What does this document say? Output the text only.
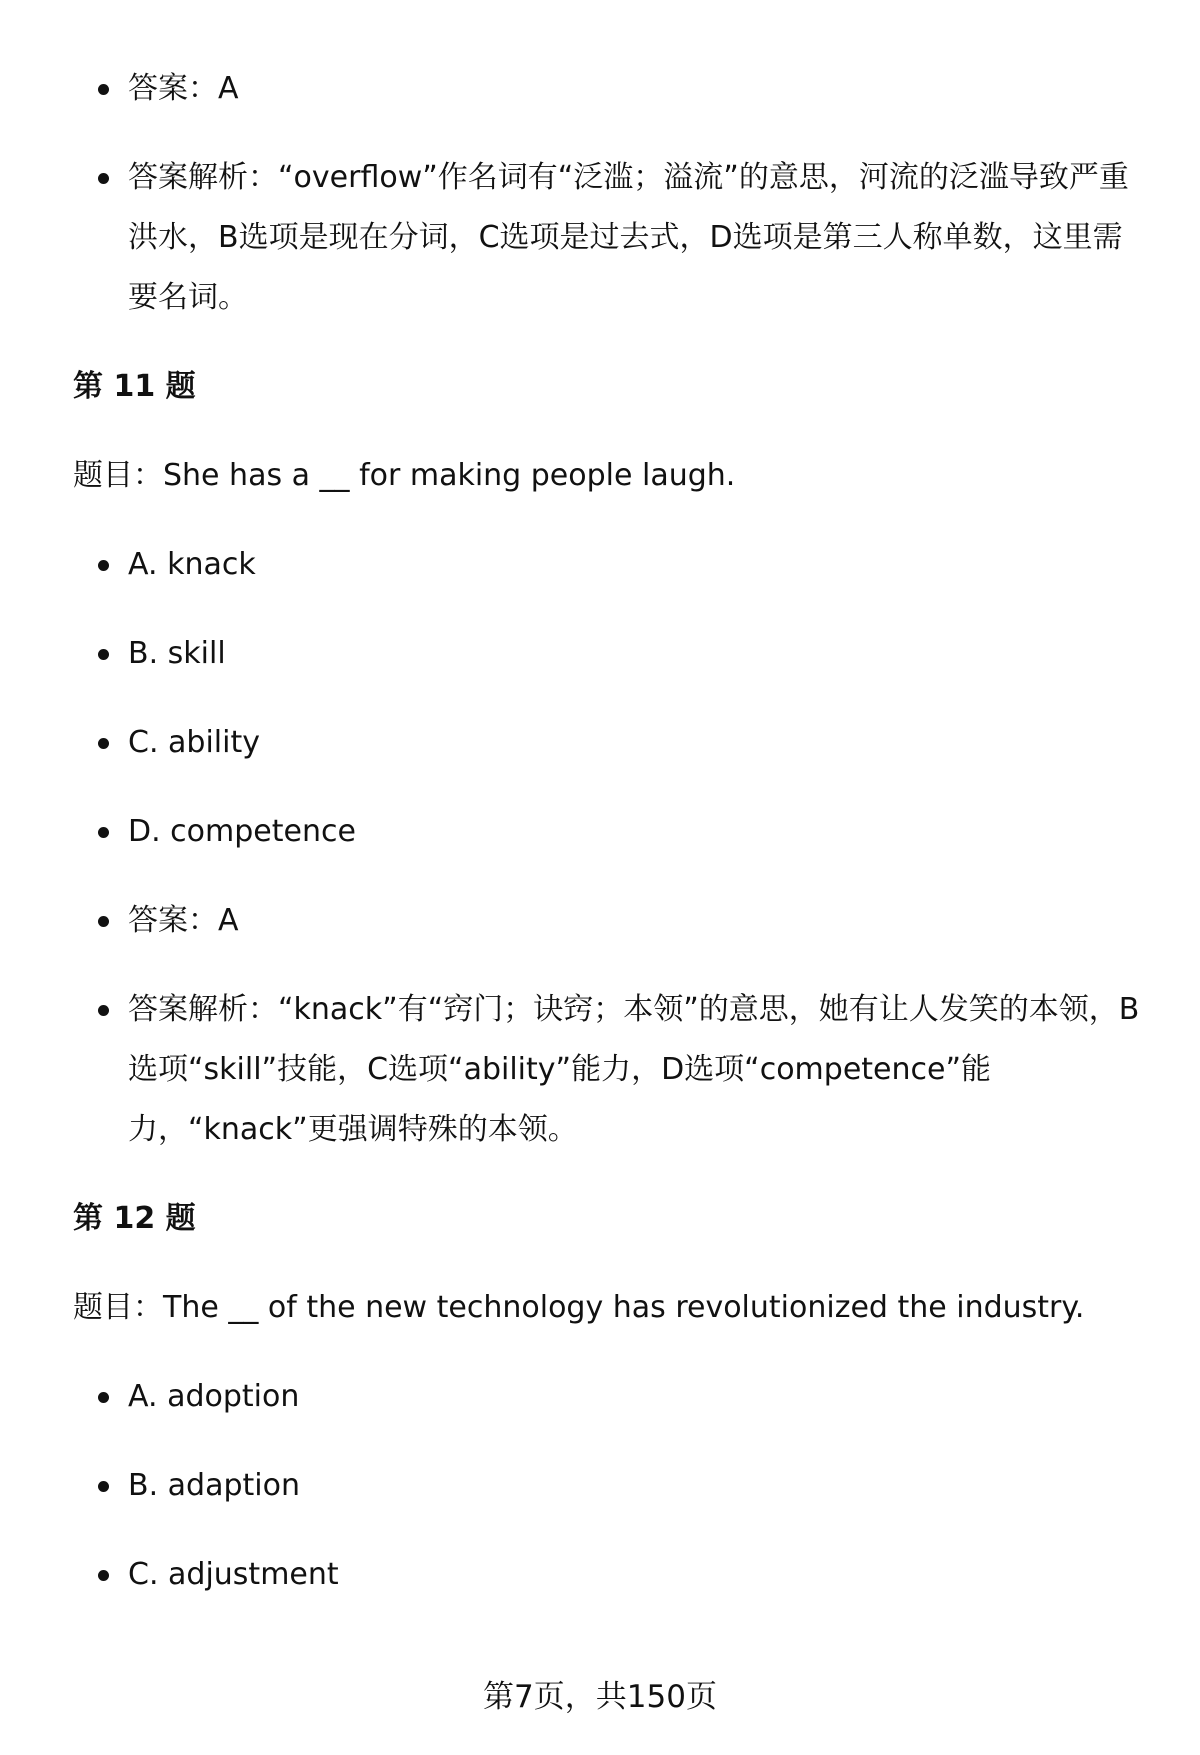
答案：A

答案解析：“overflow”作名词有“泛滥；溢流”的意思，河流的泛滥导致严重洪水，B选项是现在分词，C选项是过去式，D选项是第三人称单数，这里需要名词。

第 11 题

题目：She has a __ for making people laugh.

A. knack

B. skill

C. ability

D. competence

答案：A

答案解析：“knack”有“窍门；诀窍；本领”的意思，她有让人发笑的本领，B选项“skill”技能，C选项“ability”能力，D选项“competence”能力，“knack”更强调特殊的本领。

第 12 题

题目：The __ of the new technology has revolutionized the industry.

A. adoption

B. adaption

C. adjustment

第7页，共150页
